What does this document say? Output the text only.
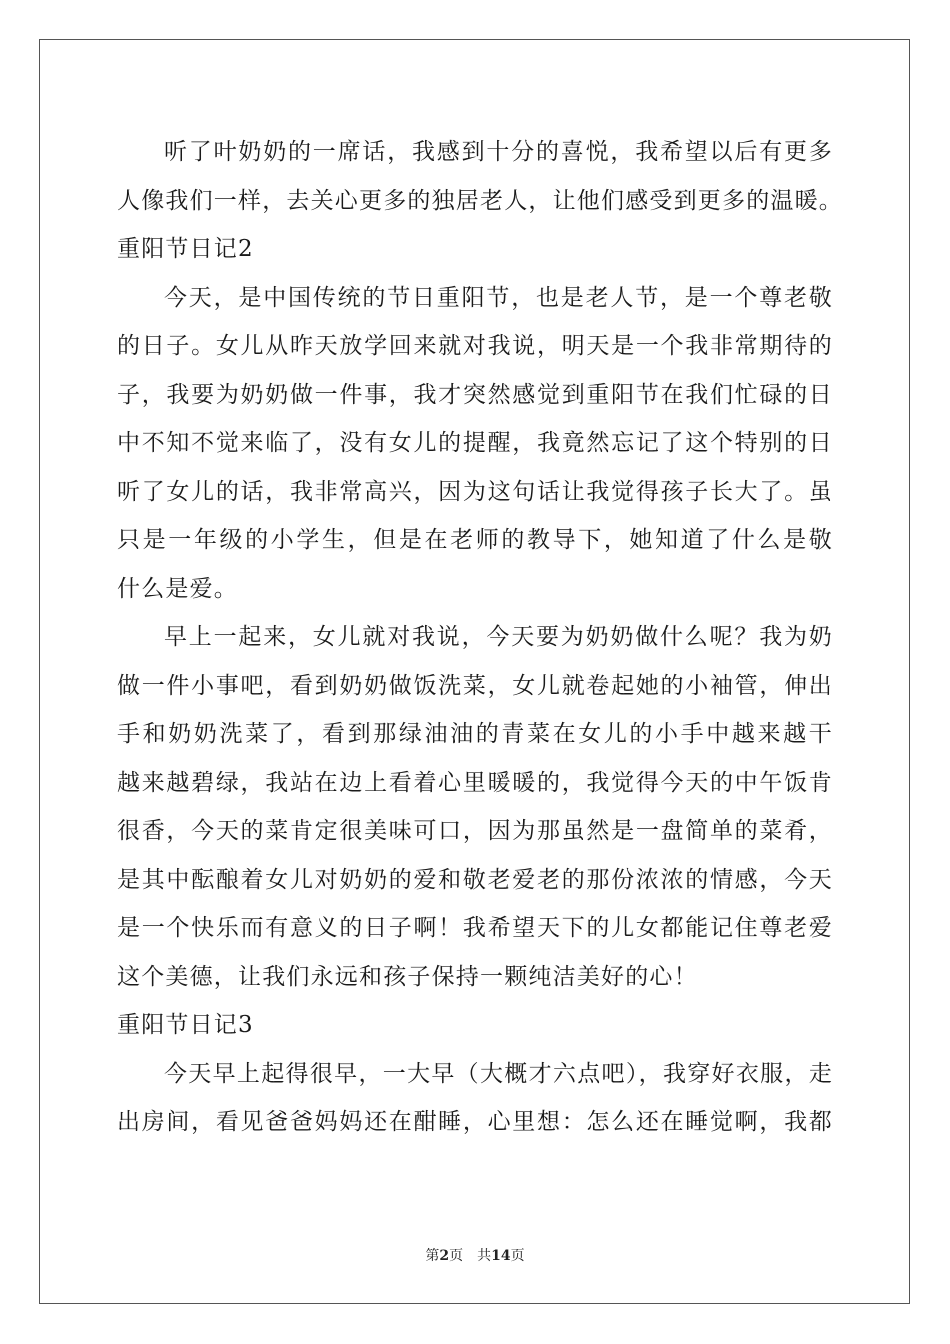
听了叶奶奶的一席话，我感到十分的喜悦，我希望以后有更多
人像我们一样，去关心更多的独居老人，让他们感受到更多的温暖。
重阳节日记2
今天，是中国传统的节日重阳节，也是老人节，是一个尊老敬
的日子。女儿从昨天放学回来就对我说，明天是一个我非常期待的
子，我要为奶奶做一件事，我才突然感觉到重阳节在我们忙碌的日
中不知不觉来临了，没有女儿的提醒，我竟然忘记了这个特别的日
听了女儿的话，我非常高兴，因为这句话让我觉得孩子长大了。虽
只是一年级的小学生，但是在老师的教导下，她知道了什么是敬
什么是爱。
早上一起来，女儿就对我说，今天要为奶奶做什么呢？我为奶
做一件小事吧，看到奶奶做饭洗菜，女儿就卷起她的小袖管，伸出
手和奶奶洗菜了，看到那绿油油的青菜在女儿的小手中越来越干
越来越碧绿，我站在边上看着心里暖暖的，我觉得今天的中午饭肯
很香，今天的菜肯定很美味可口，因为那虽然是一盘简单的菜肴，
是其中酝酿着女儿对奶奶的爱和敬老爱老的那份浓浓的情感，今天
是一个快乐而有意义的日子啊！我希望天下的儿女都能记住尊老爱
这个美德，让我们永远和孩子保持一颗纯洁美好的心！
重阳节日记3
今天早上起得很早，一大早（大概才六点吧），我穿好衣服，走
出房间，看见爸爸妈妈还在酣睡，心里想：怎么还在睡觉啊，我都
第2页 共14页
